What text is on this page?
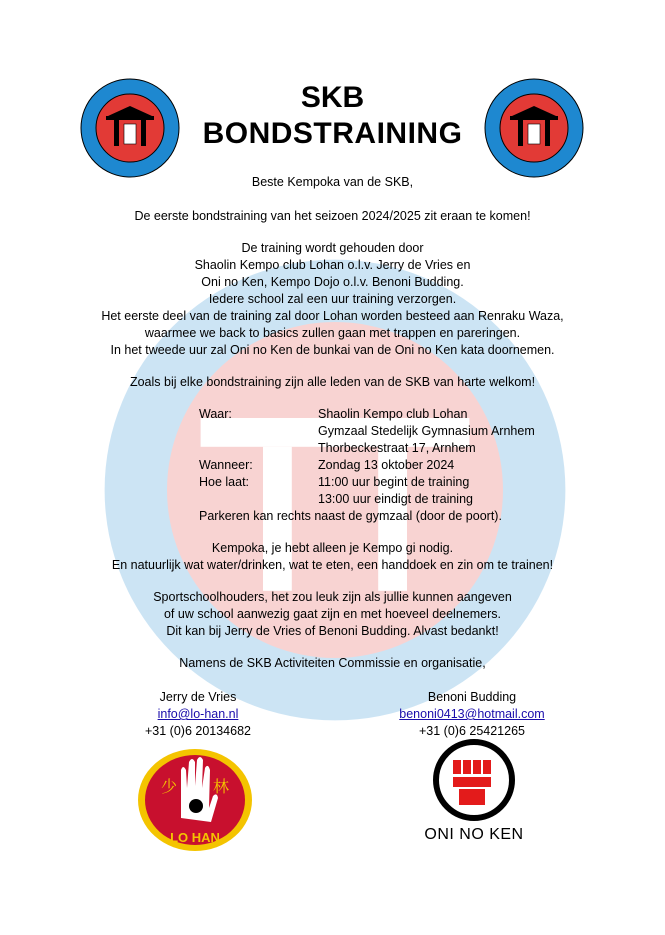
SKB
BONDSTRAINING
Beste Kempoka van de SKB,
De eerste bondstraining van het seizoen 2024/2025 zit eraan te komen!
De training wordt gehouden door
Shaolin Kempo club Lohan o.l.v. Jerry de Vries en
Oni no Ken, Kempo Dojo o.l.v. Benoni Budding.
Iedere school zal een uur training verzorgen.
Het eerste deel van de training zal door Lohan worden besteed aan Renraku Waza,
waarmee we back to basics zullen gaan met trappen en pareringen.
In het tweede uur zal Oni no Ken de bunkai van de Oni no Ken kata doornemen.
Zoals bij elke bondstraining zijn alle leden van de SKB van harte welkom!
Waar:	Shaolin Kempo club Lohan
Gymzaal Stedelijk Gymnasium Arnhem
Thorbeckestraat 17, Arnhem
Wanneer:	Zondag 13 oktober 2024
Hoe laat:	11:00 uur begint de training
13:00 uur eindigt de training
Parkeren kan rechts naast de gymzaal (door de poort).
Kempoka, je hebt alleen je Kempo gi nodig.
En natuurlijk wat water/drinken, wat te eten, een handdoek en zin om te trainen!
Sportschoolhouders, het zou leuk zijn als jullie kunnen aangeven
of uw school aanwezig gaat zijn en met hoeveel deelnemers.
Dit kan bij Jerry de Vries of Benoni Budding. Alvast bedankt!
Namens de SKB Activiteiten Commissie en organisatie,
Jerry de Vries
info@lo-han.nl
+31 (0)6 20134682
Benoni Budding
benoni0413@hotmail.com
+31 (0)6 25421265
少 林
LO HAN	ONI NO KEN
